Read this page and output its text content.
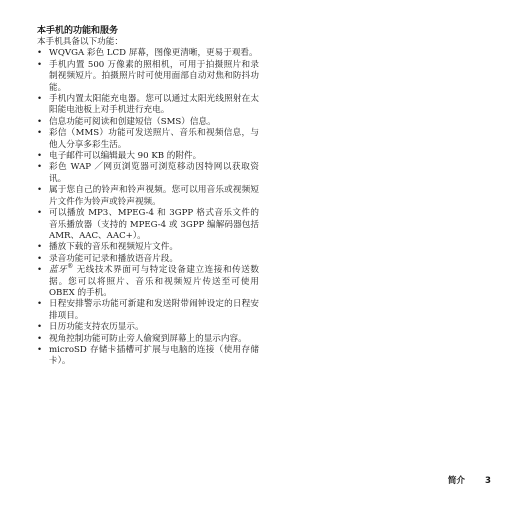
本手机的功能和服务

本手机具备以下功能：

• WQVGA 彩色 LCD 屏幕，图像更清晰，更易于观看。
• 手机内置 500 万像素的照相机，可用于拍摄照片和录制视频短片。拍摄照片时可使用面部自动对焦和防抖功能。
• 手机内置太阳能充电器。您可以通过太阳光线照射在太阳能电池板上对手机进行充电。
• 信息功能可阅读和创建短信（SMS）信息。
• 彩信（MMS）功能可发送照片、音乐和视频信息，与他人分享多彩生活。
• 电子邮件可以编辑最大 90 KB 的附件。
• 彩色 WAP ／网页浏览器可浏览移动因特网以获取资讯。
• 属于您自己的铃声和铃声视频。您可以用音乐或视频短片文件作为铃声或铃声视频。
• 可以播放 MP3、MPEG-4 和 3GPP 格式音乐文件的音乐播放器（支持的 MPEG-4 或 3GPP 编解码器包括 AMR、AAC、AAC+）。
• 播放下载的音乐和视频短片文件。
• 录音功能可记录和播放语音片段。
• 蓝牙® 无线技术界面可与特定设备建立连接和传送数据。您可以将照片、音乐和视频短片传送至可使用 OBEX 的手机。
• 日程安排警示功能可新建和发送附带闹钟设定的日程安排项目。
• 日历功能支持农历显示。
• 视角控制功能可防止旁人偷窥到屏幕上的显示内容。
• microSD 存储卡插槽可扩展与电脑的连接（使用存储卡）。
简介 3
